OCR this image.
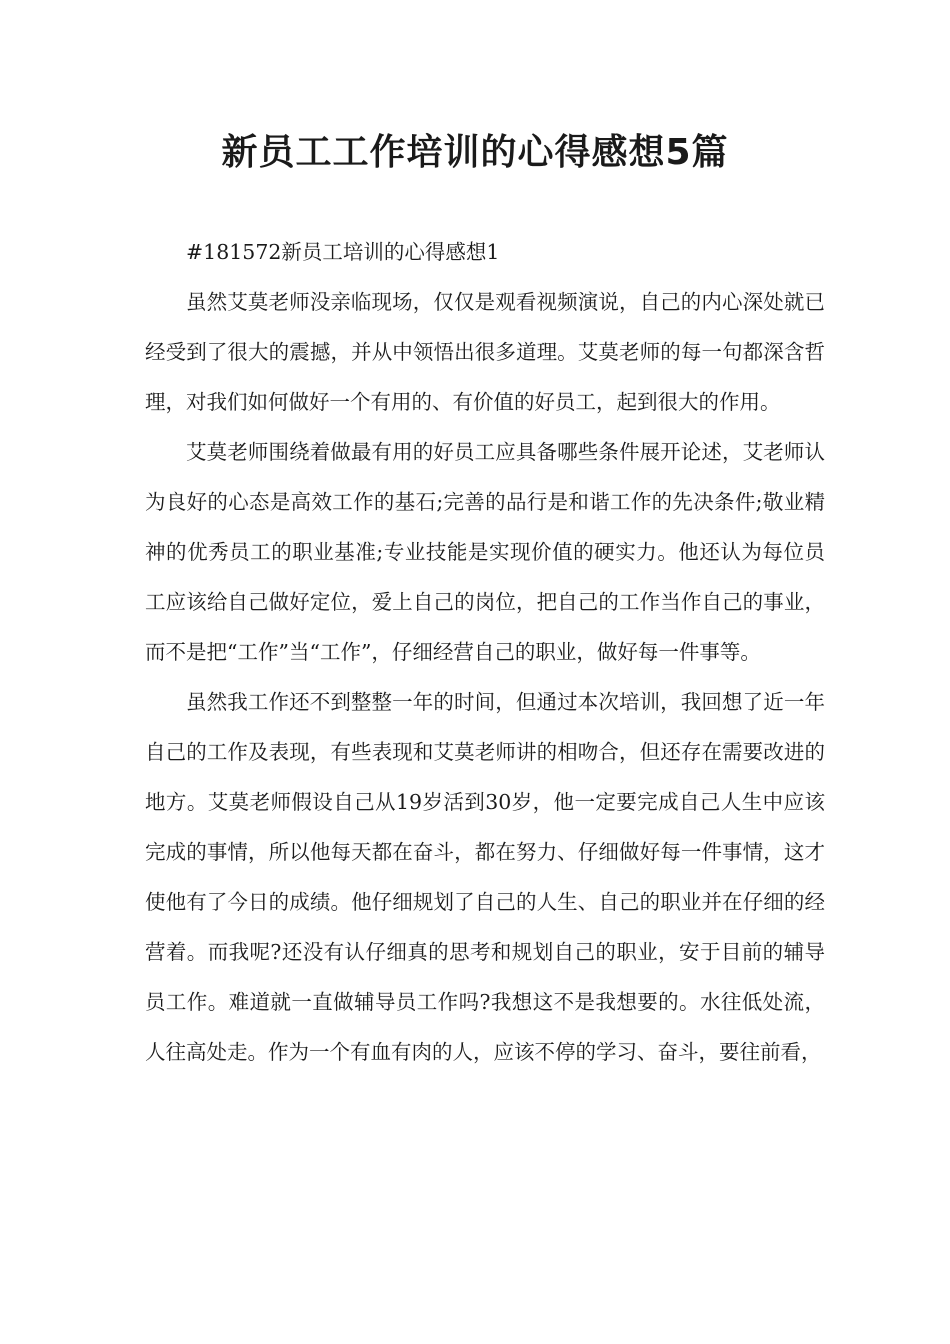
新员工工作培训的心得感想5篇

#181572新员工培训的心得感想1

虽然艾莫老师没亲临现场，仅仅是观看视频演说，自己的内心深处就已经受到了很大的震撼，并从中领悟出很多道理。艾莫老师的每一句都深含哲理，对我们如何做好一个有用的、有价值的好员工，起到很大的作用。

艾莫老师围绕着做最有用的好员工应具备哪些条件展开论述，艾老师认为良好的心态是高效工作的基石;完善的品行是和谐工作的先决条件;敬业精神的优秀员工的职业基准;专业技能是实现价值的硬实力。他还认为每位员工应该给自己做好定位，爱上自己的岗位，把自己的工作当作自己的事业，而不是把“工作”当“工作”，仔细经营自己的职业，做好每一件事等。

虽然我工作还不到整整一年的时间，但通过本次培训，我回想了近一年自己的工作及表现，有些表现和艾莫老师讲的相吻合，但还存在需要改进的地方。艾莫老师假设自己从19岁活到30岁，他一定要完成自己人生中应该完成的事情，所以他每天都在奋斗，都在努力、仔细做好每一件事情，这才使他有了今日的成绩。他仔细规划了自己的人生、自己的职业并在仔细的经营着。而我呢?还没有认仔细真的思考和规划自己的职业，安于目前的辅导员工作。难道就一直做辅导员工作吗?我想这不是我想要的。水往低处流，人往高处走。作为一个有血有肉的人，应该不停的学习、奋斗，要往前看，
